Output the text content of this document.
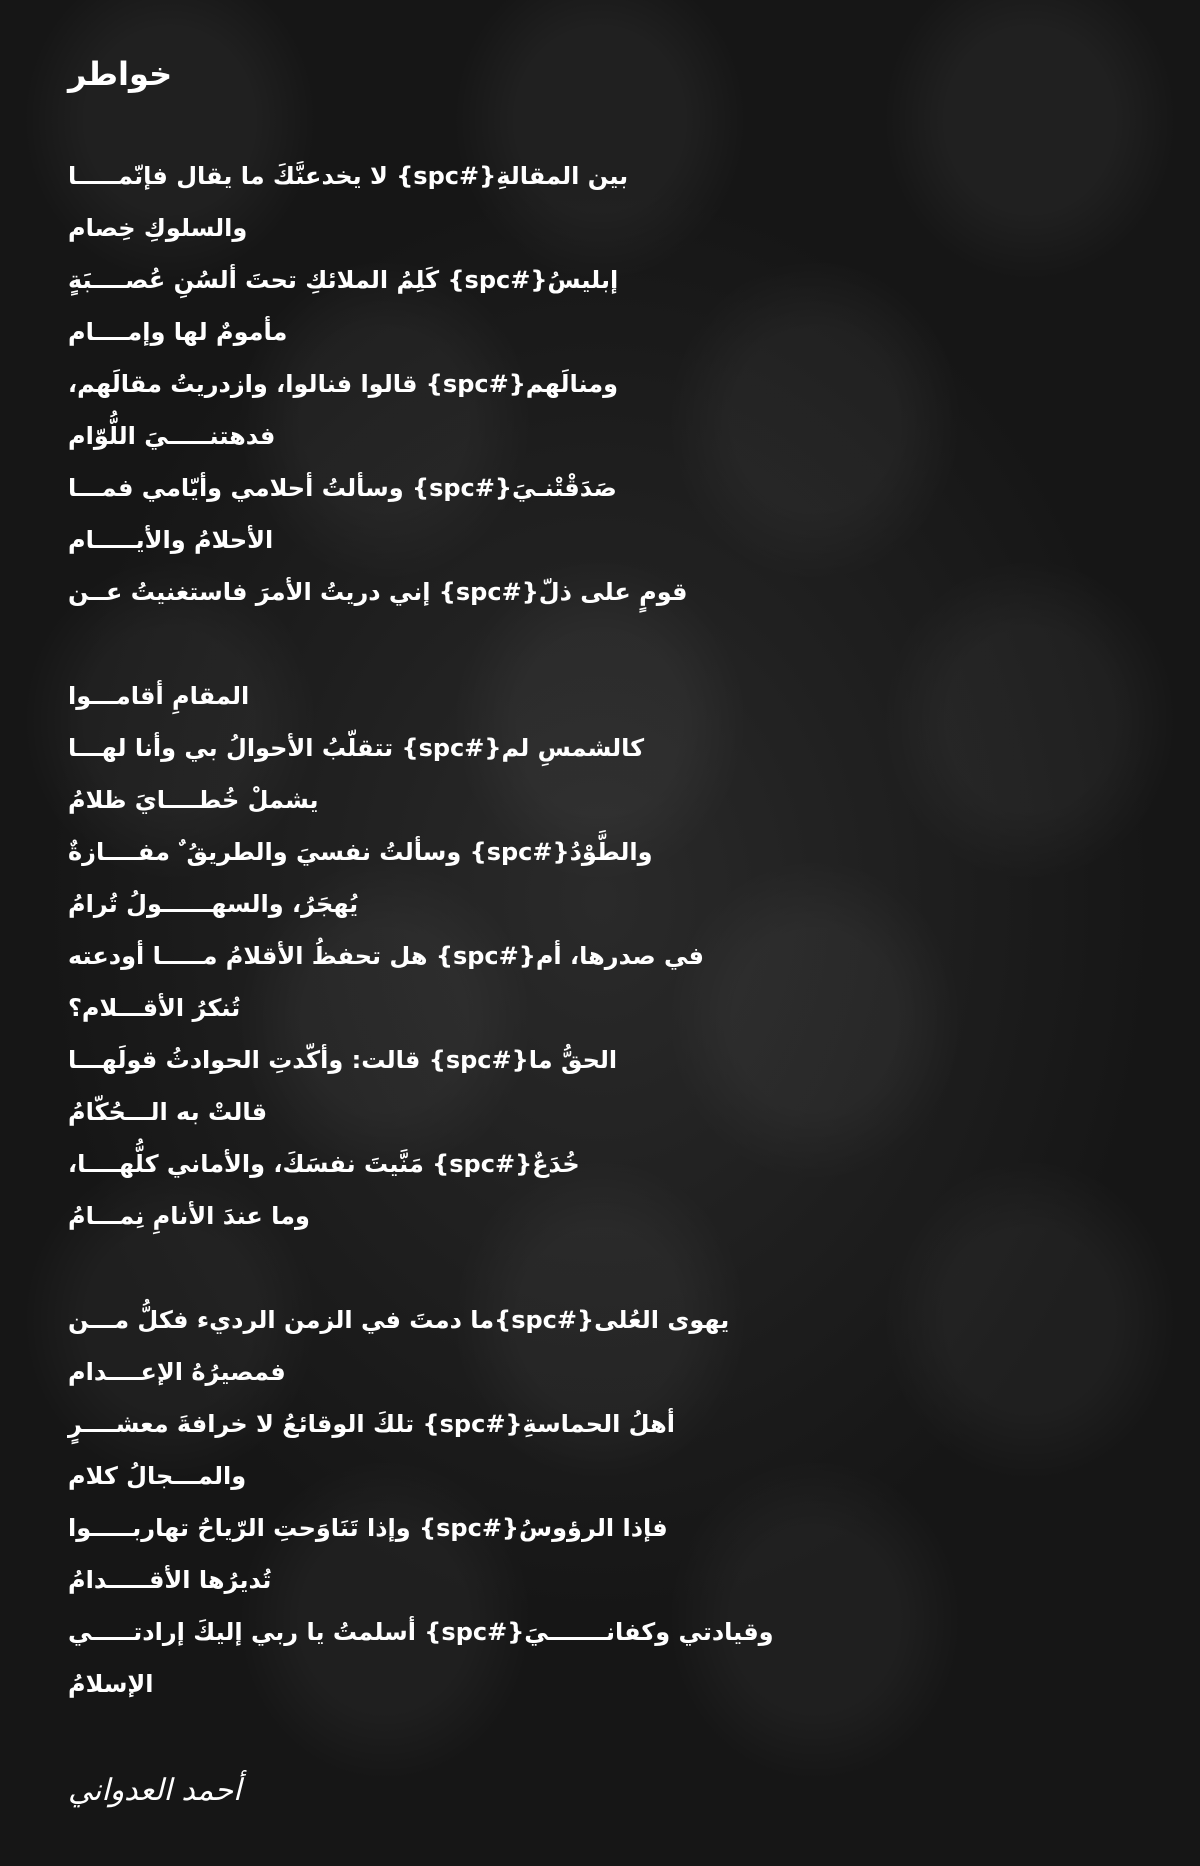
خواطر
بين المقالةِ{#spc} لا يخدعنَّكَ ما يقال فإنّمـــــا
والسلوكِ خِصام
إبليسُ{#spc} كَلِمُ الملائكِ تحتَ ألسُنِ عُصــــبَةٍ
مأمومٌ لها وإمــــام
ومنالَهم{#spc} قالوا فنالوا، وازدريتُ مقالَهم،
فدهتنـــــيَ اللُّوّام
صَدَقْتْنـيَ{#spc} وسألتُ أحلامي وأيّامي فمـــا
الأحلامُ والأيـــــام
قومٍ على ذلّ{#spc} إني دريتُ الأمرَ فاستغنيتُ عــن
المقامِ أقامـــوا
كالشمسِ لم{#spc} تتقلّبُ الأحوالُ بي وأنا لهـــا
يشملْ خُطــــايَ ظلامُ
والطَّوْدُ{#spc} وسألتُ نفسيَ والطريقُ ٌ مفــــازةٌ
يُهجَرُ، والسهــــــولُ تُرامُ
في صدرها، أم{#spc} هل تحفظُ الأقلامُ مـــــا أودعته
تُنكرُ الأقـــلام؟
الحقُّ ما{#spc} قالت: وأكّدتِ الحوادثُ قولَهـــا
قالتْ به الـــحُكّامُ
خُدَعٌ{#spc} مَنَّيتَ نفسَكَ، والأماني كلُّهــــا،
وما عندَ الأنامِ نِمـــامُ
يهوى العُلى{#spc}ما دمتَ في الزمن الرديء فكلُّ مـــن
فمصيرُهُ الإعــــدام
أهلُ الحماسةِ{#spc} تلكَ الوقائعُ لا خرافةَ معشــــرٍ
والمـــجالُ كلام
فإذا الرؤوسُ{#spc} وإذا تَنَاوَحتِ الرّياحُ تهاربـــــوا
تُديرُها الأقـــــدامُ
وقيادتي وكفانـــــــيَ{#spc} أسلمتُ يا ربي إليكَ إرادتـــــي
الإسلامُ
أحمد العدواني
